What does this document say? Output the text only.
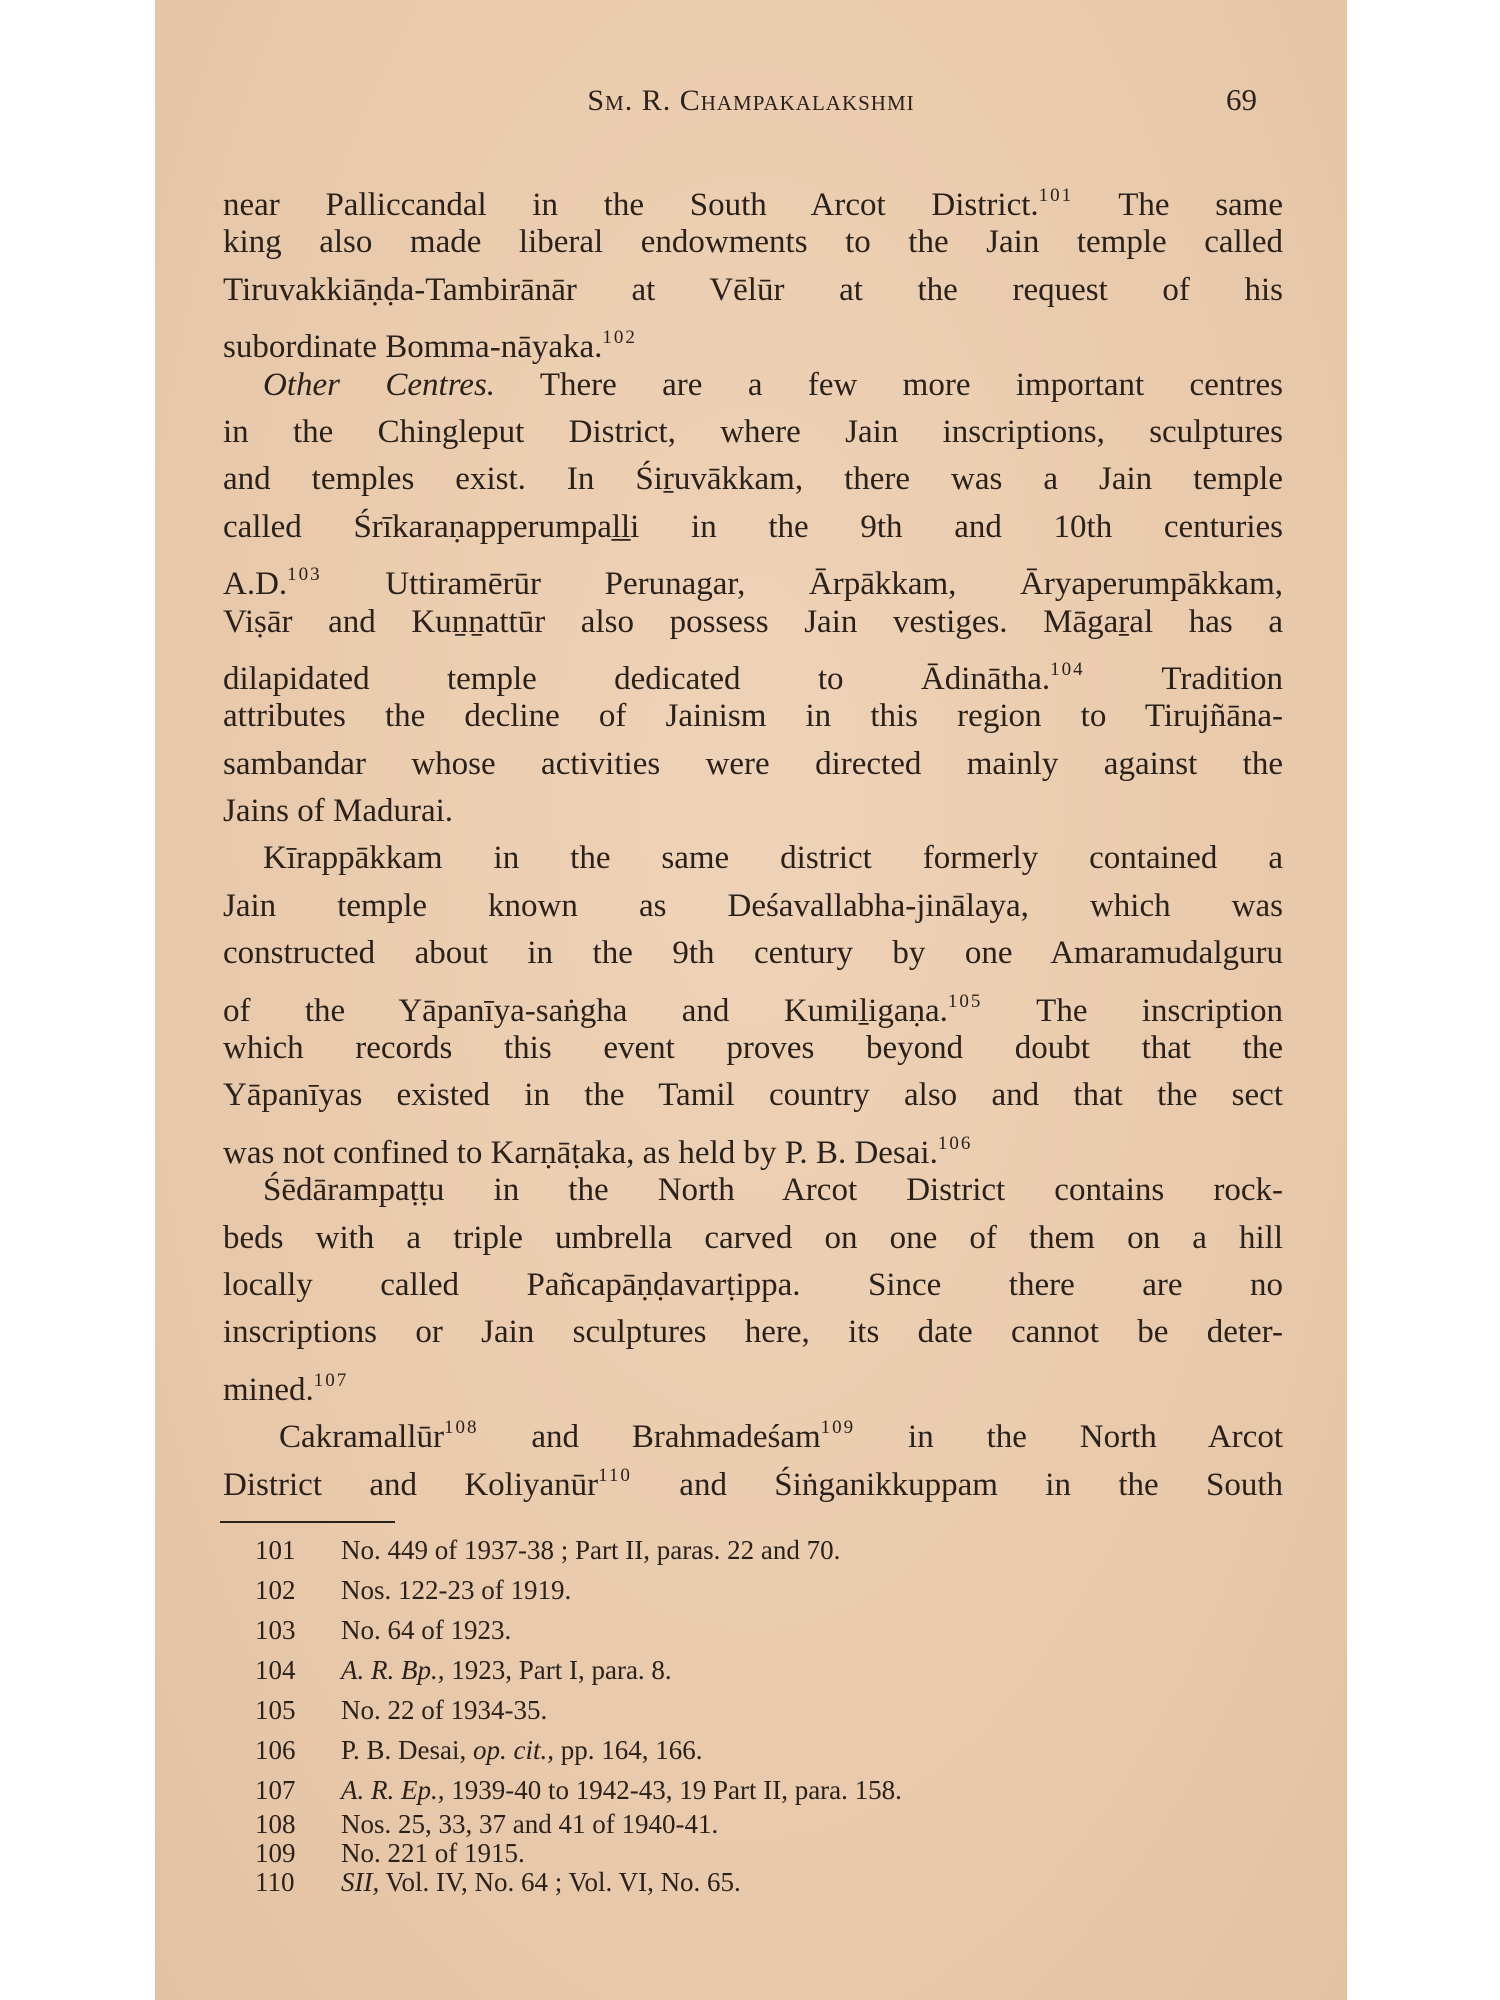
Sm. R. Champakalakshmi	69
near Palliccandal in the South Arcot District.$^{101}$ The same
king also made liberal endowments to the Jain temple called
Tiruvakkiāṇḍa-Tambirānār at Vēlūr at the request of his
subordinate Bomma-nāyaka.$^{102}$
Other Centres. There are a few more important centres
in the Chingleput District, where Jain inscriptions, sculptures
and temples exist. In Śiṟuvākkam, there was a Jain temple
called Śrīkaraṇapperumpaḻḻi in the 9th and 10th centuries
A.D.$^{103}$ Uttiramērūr Perunagar, Ārpākkam, Āryaperumpākkam,
Viṣār and Kuṉṉattūr also possess Jain vestiges. Māgaṟal has a
dilapidated temple dedicated to Ādinātha.$^{104}$ Tradition
attributes the decline of Jainism in this region to Tirujñāna-
sambandar whose activities were directed mainly against the
Jains of Madurai.
Kīrappākkam in the same district formerly contained a
Jain temple known as Deśavallabha-jinālaya, which was
constructed about in the 9th century by one Amaramudalguru
of the Yāpanīya-saṅgha and Kumiḻigaṇa.$^{105}$ The inscription
which records this event proves beyond doubt that the
Yāpanīyas existed in the Tamil country also and that the sect
was not confined to Karṇāṭaka, as held by P. B. Desai.$^{106}$
Śēdārampaṭṭu in the North Arcot District contains rock-
beds with a triple umbrella carved on one of them on a hill
locally called Pañcapāṇḍavarṭippa. Since there are no
inscriptions or Jain sculptures here, its date cannot be deter-
mined.$^{107}$
Cakramallūr$^{108}$ and Brahmadeśam$^{109}$ in the North Arcot
District and Koliyanūr$^{110}$ and Śiṅganikkuppam in the South
101	No. 449 of 1937-38 ; Part II, paras. 22 and 70.
102	Nos. 122-23 of 1919.
103	No. 64 of 1923.
104	A. R. Bp., 1923, Part I, para. 8.
105	No. 22 of 1934-35.
106	P. B. Desai, op. cit., pp. 164, 166.
107	A. R. Ep., 1939-40 to 1942-43, 19 Part II, para. 158.
108	Nos. 25, 33, 37 and 41 of 1940-41.
109	No. 221 of 1915.
110	SII, Vol. IV, No. 64 ; Vol. VI, No. 65.
